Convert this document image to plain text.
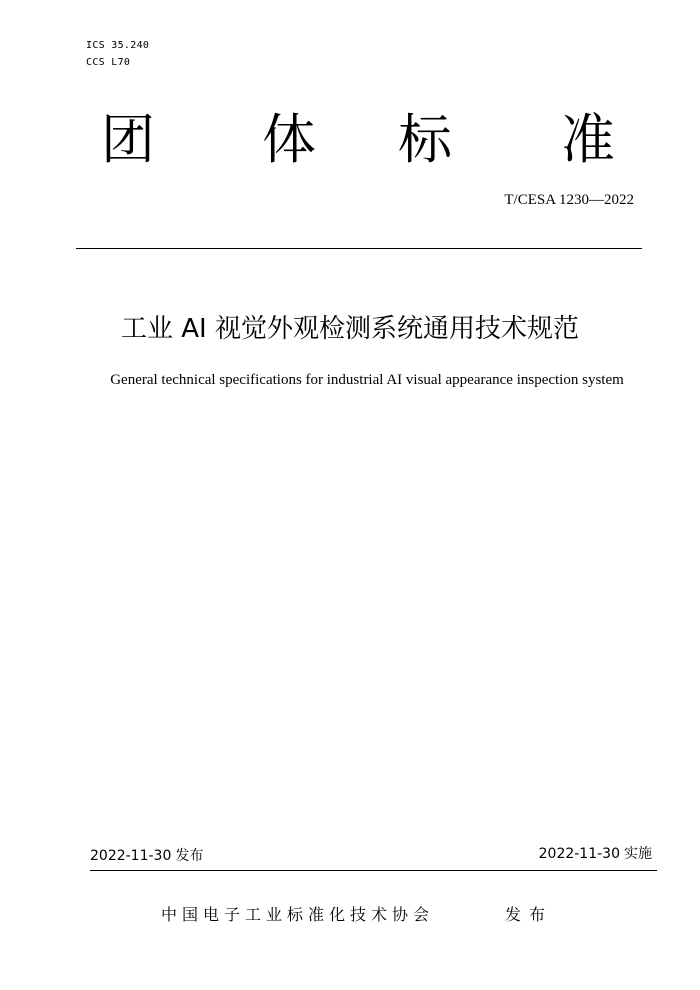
ICS 35.240
CCS L70
团 体 标 准
T/CESA 1230—2022
工业 AI 视觉外观检测系统通用技术规范
General technical specifications for industrial AI visual appearance inspection system
2022-11-30 发布	2022-11-30 实施
中国电子工业标准化技术协会	发布
